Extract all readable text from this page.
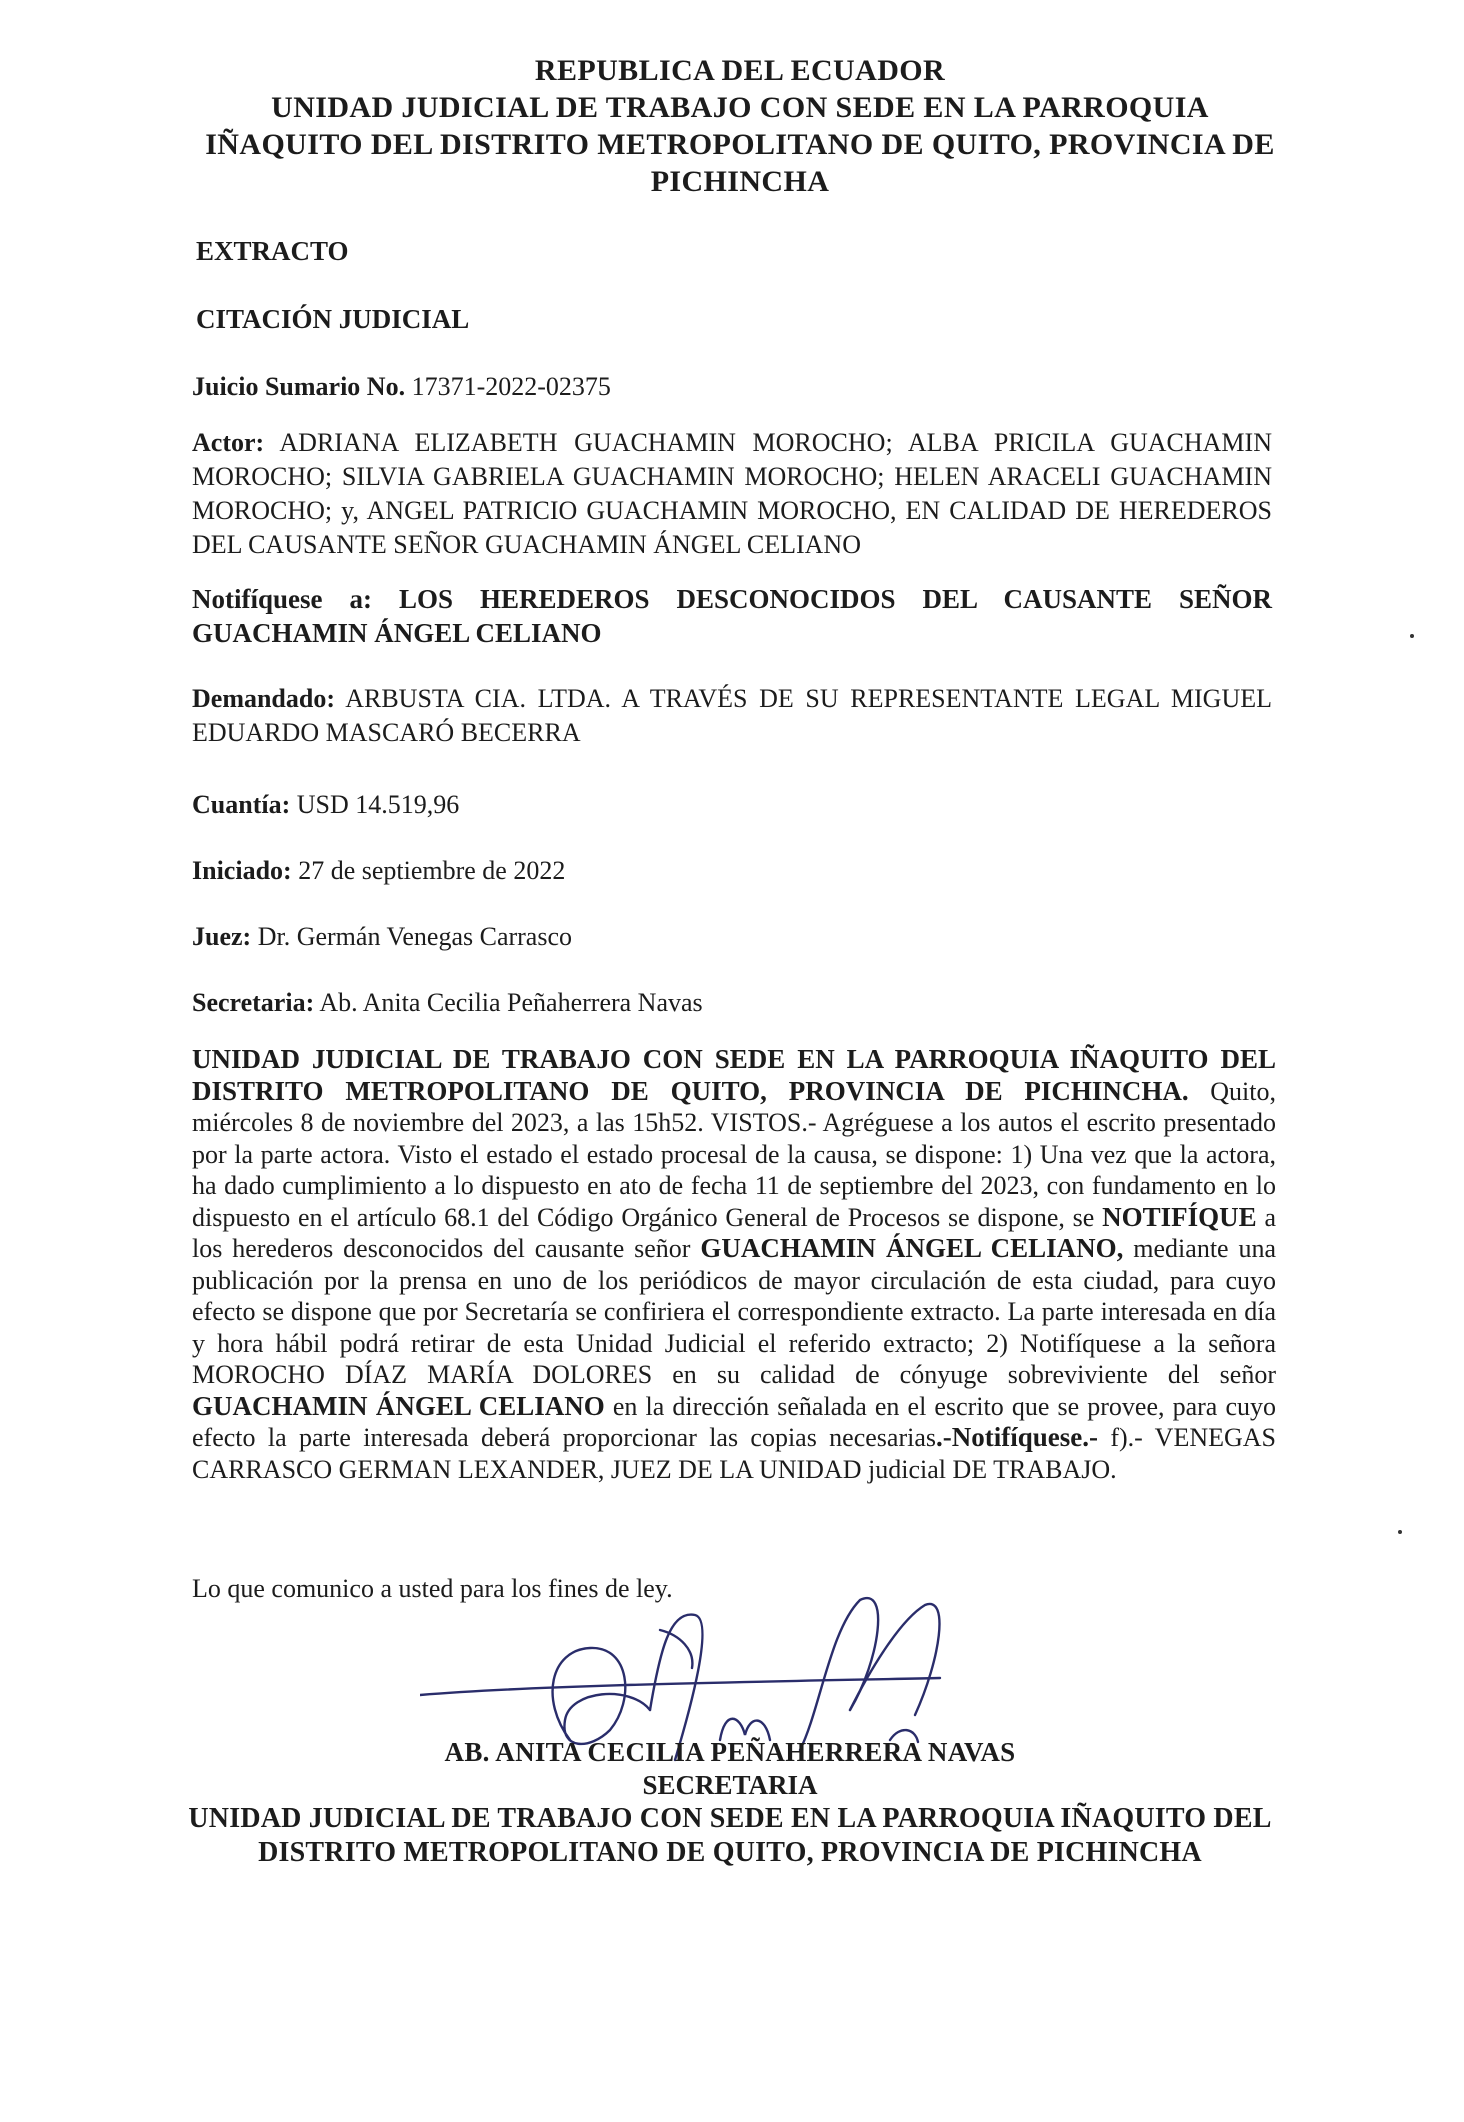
REPUBLICA DEL ECUADOR
UNIDAD JUDICIAL DE TRABAJO CON SEDE EN LA PARROQUIA
IÑAQUITO DEL DISTRITO METROPOLITANO DE QUITO, PROVINCIA DE
PICHINCHA
EXTRACTO
CITACIÓN JUDICIAL
Juicio Sumario No. 17371-2022-02375
Actor: ADRIANA ELIZABETH GUACHAMIN MOROCHO; ALBA PRICILA GUACHAMIN MOROCHO; SILVIA GABRIELA GUACHAMIN MOROCHO; HELEN ARACELI GUACHAMIN MOROCHO; y, ANGEL PATRICIO GUACHAMIN MOROCHO, EN CALIDAD DE HEREDEROS DEL CAUSANTE SEÑOR GUACHAMIN ÁNGEL CELIANO
Notifíquese a: LOS HEREDEROS DESCONOCIDOS DEL CAUSANTE SEÑOR GUACHAMIN ÁNGEL CELIANO
Demandado: ARBUSTA CIA. LTDA. A TRAVÉS DE SU REPRESENTANTE LEGAL MIGUEL EDUARDO MASCARÓ BECERRA
Cuantía: USD 14.519,96
Iniciado: 27 de septiembre de 2022
Juez: Dr. Germán Venegas Carrasco
Secretaria: Ab. Anita Cecilia Peñaherrera Navas
UNIDAD JUDICIAL DE TRABAJO CON SEDE EN LA PARROQUIA IÑAQUITO DEL DISTRITO METROPOLITANO DE QUITO, PROVINCIA DE PICHINCHA. Quito, miércoles 8 de noviembre del 2023, a las 15h52. VISTOS.- Agréguese a los autos el escrito presentado por la parte actora. Visto el estado el estado procesal de la causa, se dispone: 1) Una vez que la actora, ha dado cumplimiento a lo dispuesto en ato de fecha 11 de septiembre del 2023, con fundamento en lo dispuesto en el artículo 68.1 del Código Orgánico General de Procesos se dispone, se NOTIFÍQUE a los herederos desconocidos del causante señor GUACHAMIN ÁNGEL CELIANO, mediante una publicación por la prensa en uno de los periódicos de mayor circulación de esta ciudad, para cuyo efecto se dispone que por Secretaría se confiriera el correspondiente extracto. La parte interesada en día y hora hábil podrá retirar de esta Unidad Judicial el referido extracto; 2) Notifíquese a la señora MOROCHO DÍAZ MARÍA DOLORES en su calidad de cónyuge sobreviviente del señor GUACHAMIN ÁNGEL CELIANO en la dirección señalada en el escrito que se provee, para cuyo efecto la parte interesada deberá proporcionar las copias necesarias.-Notifíquese.- f).- VENEGAS CARRASCO GERMAN LEXANDER, JUEZ DE LA UNIDAD judicial DE TRABAJO.
Lo que comunico a usted para los fines de ley.
AB. ANITA CECILIA PEÑAHERRERA NAVAS
SECRETARIA
UNIDAD JUDICIAL DE TRABAJO CON SEDE EN LA PARROQUIA IÑAQUITO DEL
DISTRITO METROPOLITANO DE QUITO, PROVINCIA DE PICHINCHA
